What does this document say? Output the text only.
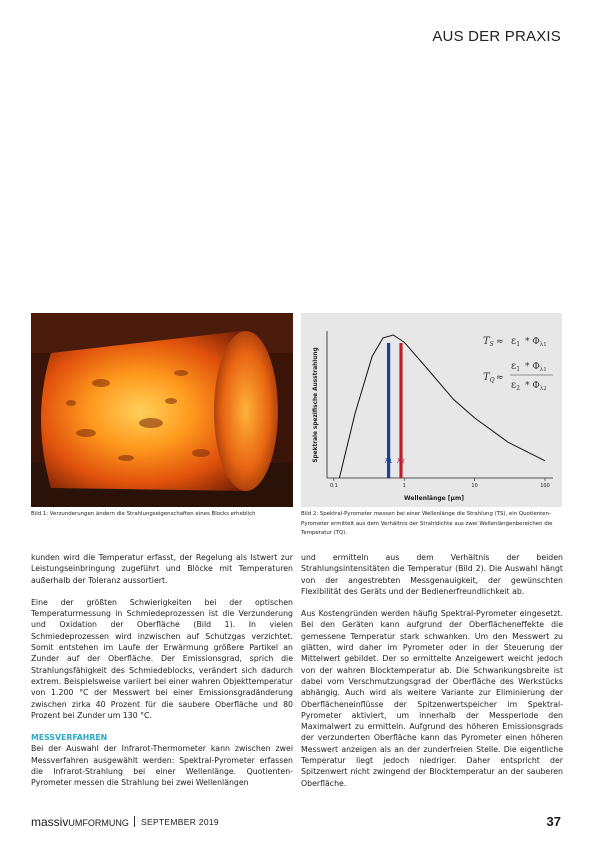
AUS DER PRAXIS
Spektrale spezifische Ausstrahlung
Wellenlänge [µm]
0,1	1	10	100
λ1 λ2
$T_S \approx \varepsilon_1 * \Phi_{\lambda 1}$
$T_Q$ ≈
$\varepsilon_1 * \Phi_{\lambda 1}$
$\varepsilon_2 * \Phi_{\lambda 2}$
Bild 1: Verzunderungen ändern die Strahlungseigenschaften eines Blocks erheblich	Bild 2: Spektral-Pyrometer messen bei einer Wellenlänge die Strahlung (TS), ein Quotienten-Pyrometer ermittelt aus dem Verhältnis der Strahldichte aus zwei Wellenlängenbereichen die Temperatur (TQ).

kunden wird die Temperatur erfasst, der Regelung als Istwert zur Leistungseinbringung zugeführt und Blöcke mit Temperaturen außerhalb der Toleranz aussortiert.

Eine der größten Schwierigkeiten bei der optischen Temperaturmessung in Schmiedeprozessen ist die Verzunderung und Oxidation der Oberfläche (Bild 1). In vielen Schmiedeprozessen wird inzwischen auf Schutzgas verzichtet. Somit entstehen im Laufe der Erwärmung größere Partikel an Zunder auf der Oberfläche. Der Emissionsgrad, sprich die Strahlungsfähigkeit des Schmiedeblocks, verändert sich dadurch extrem. Beispielsweise variiert bei einer wahren Objekttemperatur von 1.200 °C der Messwert bei einer Emissionsgradänderung zwischen zirka 40 Prozent für die saubere Oberfläche und 80 Prozent bei Zunder um 130 °C.

MESSVERFAHREN

Bei der Auswahl der Infrarot-Thermometer kann zwischen zwei Messverfahren ausgewählt werden: Spektral-Pyrometer erfassen die Infrarot-Strahlung bei einer Wellenlänge. Quotienten-Pyrometer messen die Strahlung bei zwei Wellenlängen

und ermitteln aus dem Verhältnis der beiden Strahlungsintensitäten die Temperatur (Bild 2). Die Auswahl hängt von der angestrebten Messgenauigkeit, der gewünschten Flexibilität des Geräts und der Bedienerfreundlichkeit ab.

Aus Kostengründen werden häufig Spektral-Pyrometer eingesetzt. Bei den Geräten kann aufgrund der Oberflächeneffekte die gemessene Temperatur stark schwanken. Um den Messwert zu glätten, wird daher im Pyrometer oder in der Steuerung der Mittelwert gebildet. Der so ermittelte Anzeigewert weicht jedoch von der wahren Blocktemperatur ab. Die Schwankungsbreite ist dabei vom Verschmutzungsgrad der Oberfläche des Werkstücks abhängig. Auch wird als weitere Variante zur Eliminierung der Oberflächeneinflüsse der Spitzenwertspeicher im Spektral-Pyrometer aktiviert, um innerhalb der Messperiode den Maximalwert zu ermitteln. Aufgrund des höheren Emissionsgrads der verzunderten Oberfläche kann das Pyrometer einen höheren Messwert anzeigen als an der zunderfreien Stelle. Die eigentliche Temperatur liegt jedoch niedriger. Daher entspricht der Spitzenwert nicht zwingend der Blocktemperatur an der sauberen Oberfläche.

massivUMFORMUNG SEPTEMBER 2019	37
